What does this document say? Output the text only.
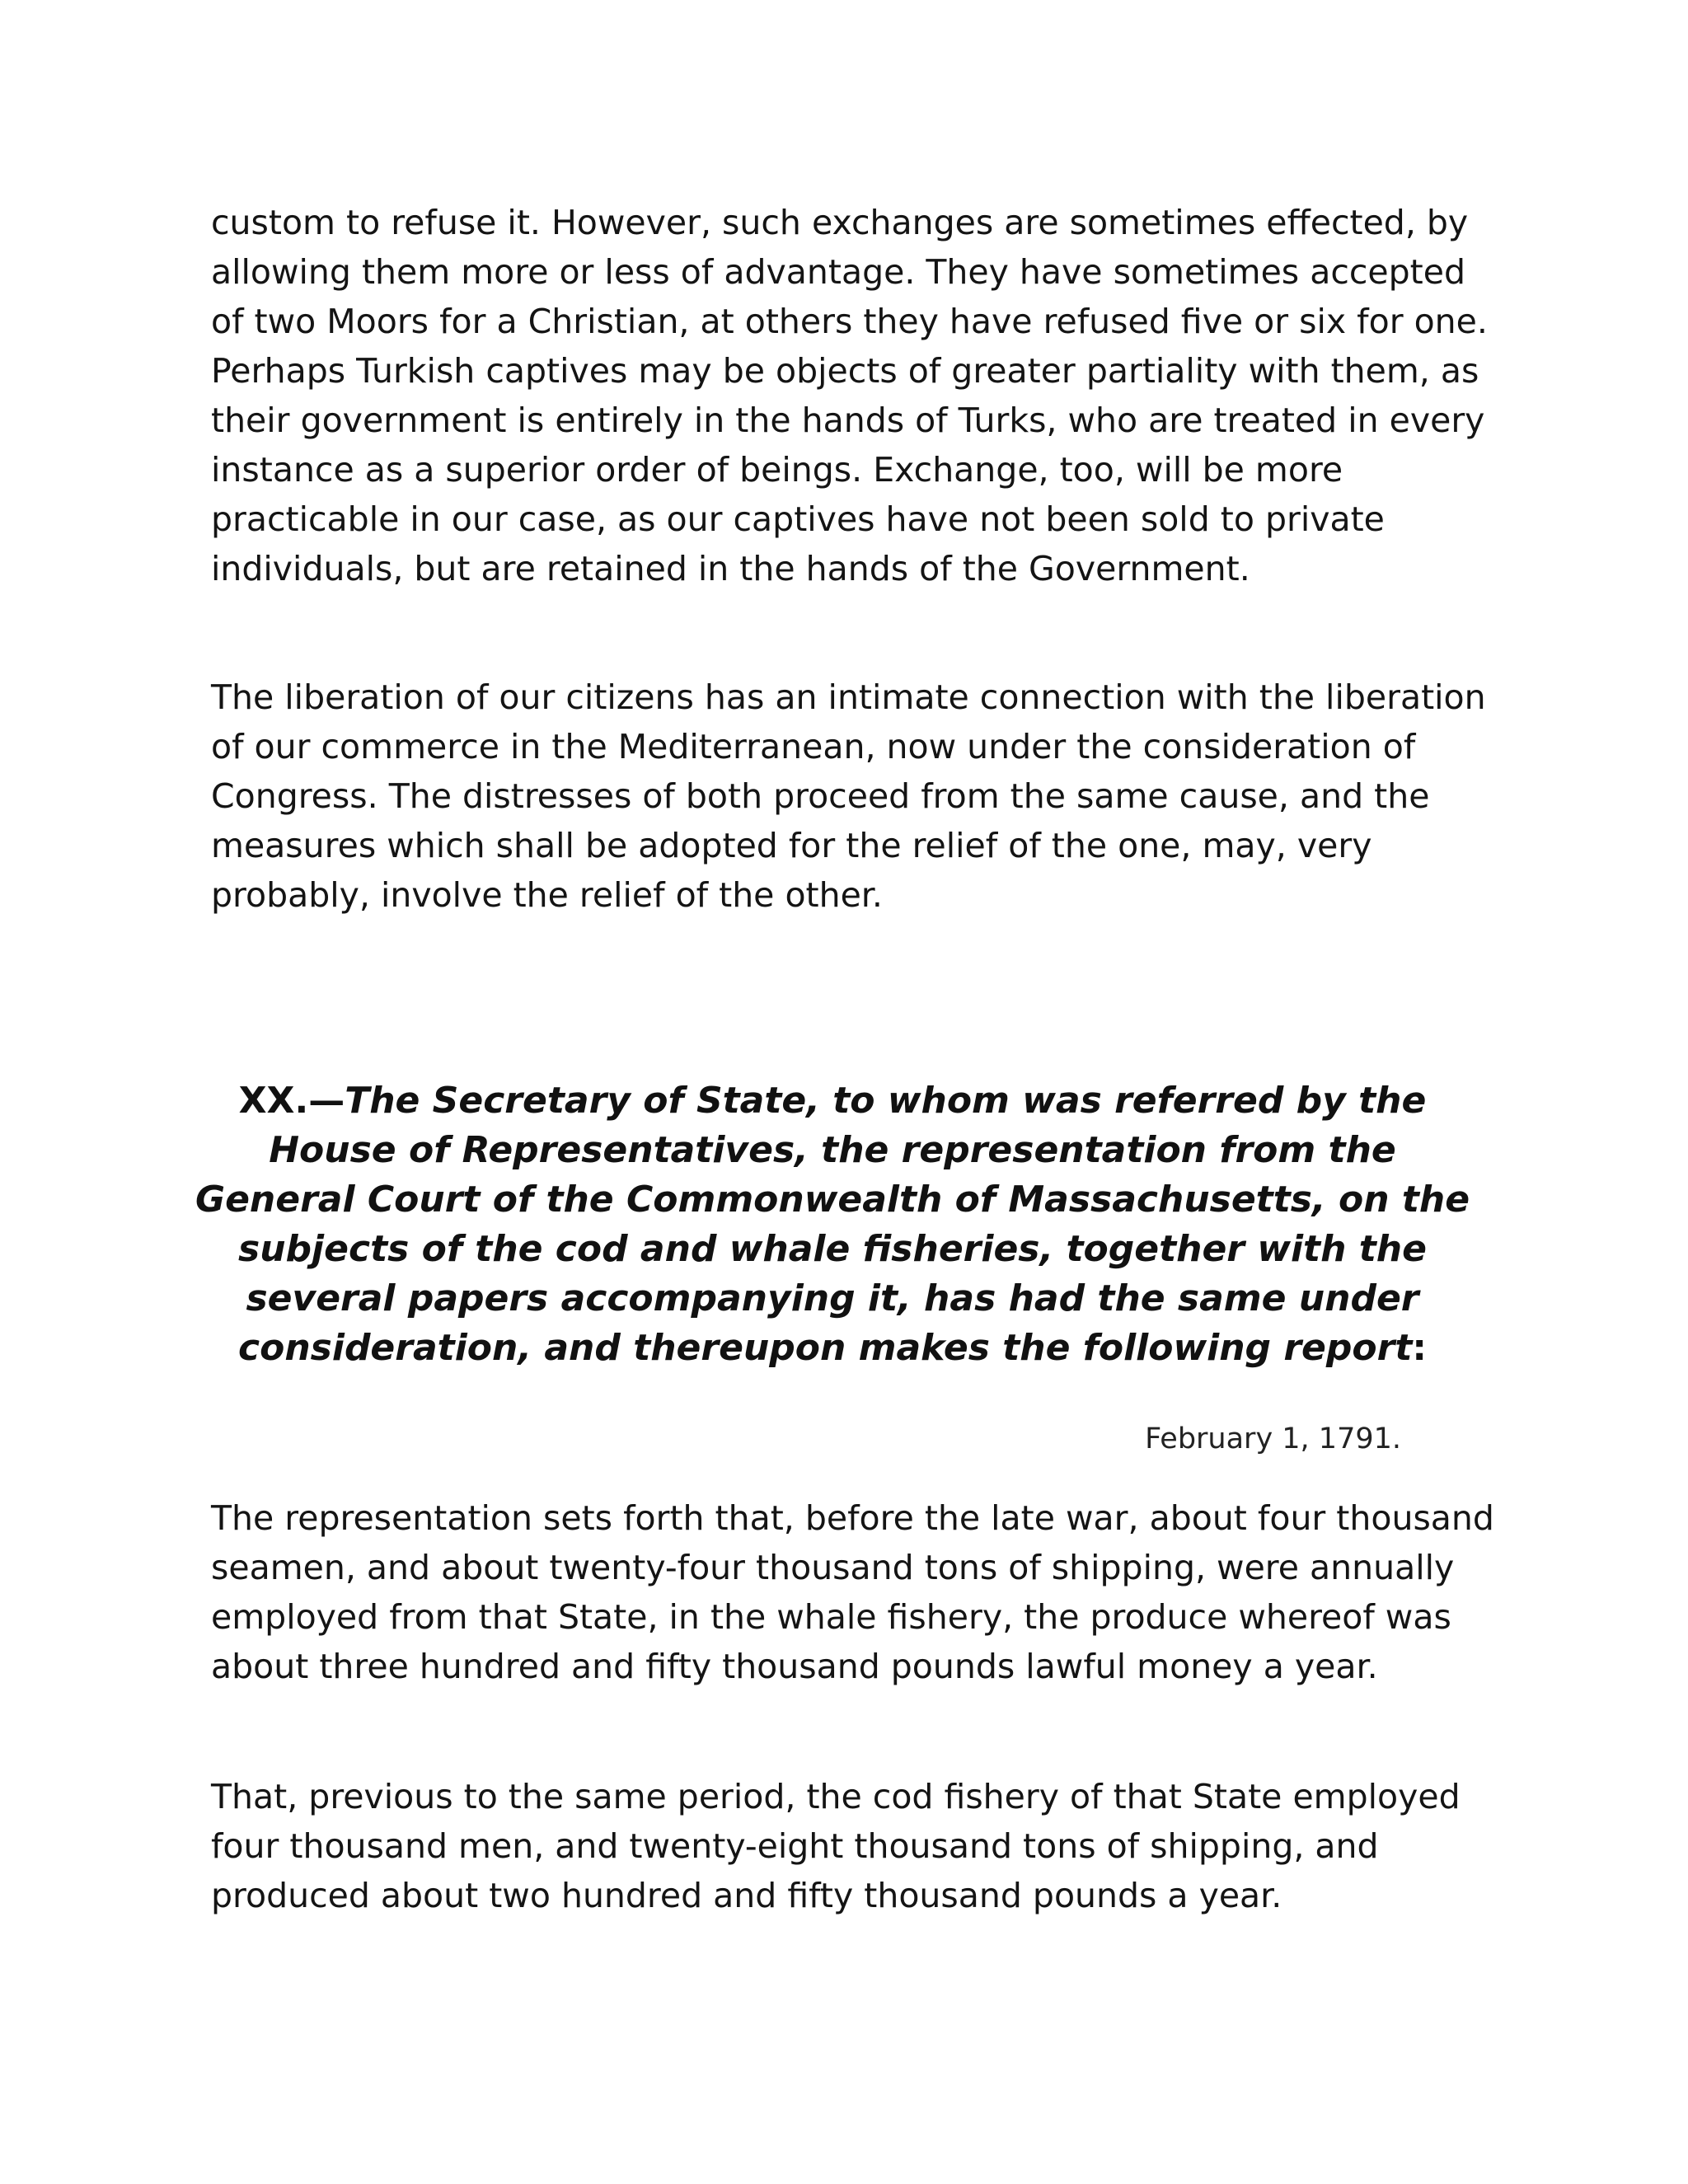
custom to refuse it. However, such exchanges are sometimes effected, by allowing them more or less of advantage. They have sometimes accepted of two Moors for a Christian, at others they have refused five or six for one. Perhaps Turkish captives may be objects of greater partiality with them, as their government is entirely in the hands of Turks, who are treated in every instance as a superior order of beings. Exchange, too, will be more practicable in our case, as our captives have not been sold to private individuals, but are retained in the hands of the Government.

The liberation of our citizens has an intimate connection with the liberation of our commerce in the Mediterranean, now under the consideration of Congress. The distresses of both proceed from the same cause, and the measures which shall be adopted for the relief of the one, may, very probably, involve the relief of the other.

XX.—The Secretary of State, to whom was referred by the House of Representatives, the representation from the General Court of the Commonwealth of Massachusetts, on the subjects of the cod and whale fisheries, together with the several papers accompanying it, has had the same under consideration, and thereupon makes the following report:

February 1, 1791.

The representation sets forth that, before the late war, about four thousand seamen, and about twenty-four thousand tons of shipping, were annually employed from that State, in the whale fishery, the produce whereof was about three hundred and fifty thousand pounds lawful money a year.

That, previous to the same period, the cod fishery of that State employed four thousand men, and twenty-eight thousand tons of shipping, and produced about two hundred and fifty thousand pounds a year.
